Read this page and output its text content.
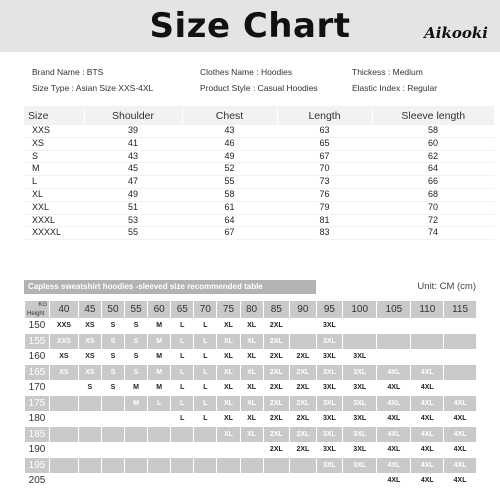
Size Chart	Aikooki
Brand Name : BTS	Clothes Name : Hoodies	Thickess : Medium
Size Type : Asian Size XXS-4XL	Product Style : Casual Hoodies	Elastic Index : Regular
Size	Shoulder	Chest	Length	Sleeve length
XXS	39	43	63	58
XS	41	46	65	60
S	43	49	67	62
M	45	52	70	64
L	47	55	73	66
XL	49	58	76	68
XXL	51	61	79	70
XXXL	53	64	81	72
XXXXL	55	67	83	74
Capless sweatshirt hoodies -sleeved size recommended table	Unit: CM (cm)
KG
Height	40	45	50	55	60	65	70	75	80	85	90	95	100	105	110	115
150	XXS	XS	S	S	M	L	L	XL	XL	2XL		3XL				
155	XXS	XS	S	S	M	L	L	XL	XL	2XL		3XL				
160	XS	XS	S	S	M	L	L	XL	XL	2XL	2XL	3XL	3XL			
165	XS	XS	S	S	M	L	L	XL	XL	2XL	2XL	3XL	3XL	4XL	4XL	
170		S	S	M	M	L	L	XL	XL	2XL	2XL	3XL	3XL	4XL	4XL	
175				M	L	L	L	XL	XL	2XL	2XL	3XL	3XL	4XL	4XL	4XL
180						L	L	XL	XL	2XL	2XL	3XL	3XL	4XL	4XL	4XL
185								XL	XL	2XL	2XL	3XL	3XL	4XL	4XL	4XL
190										2XL	2XL	3XL	3XL	4XL	4XL	4XL
195												3XL	3XL	4XL	4XL	4XL
205														4XL	4XL	4XL
